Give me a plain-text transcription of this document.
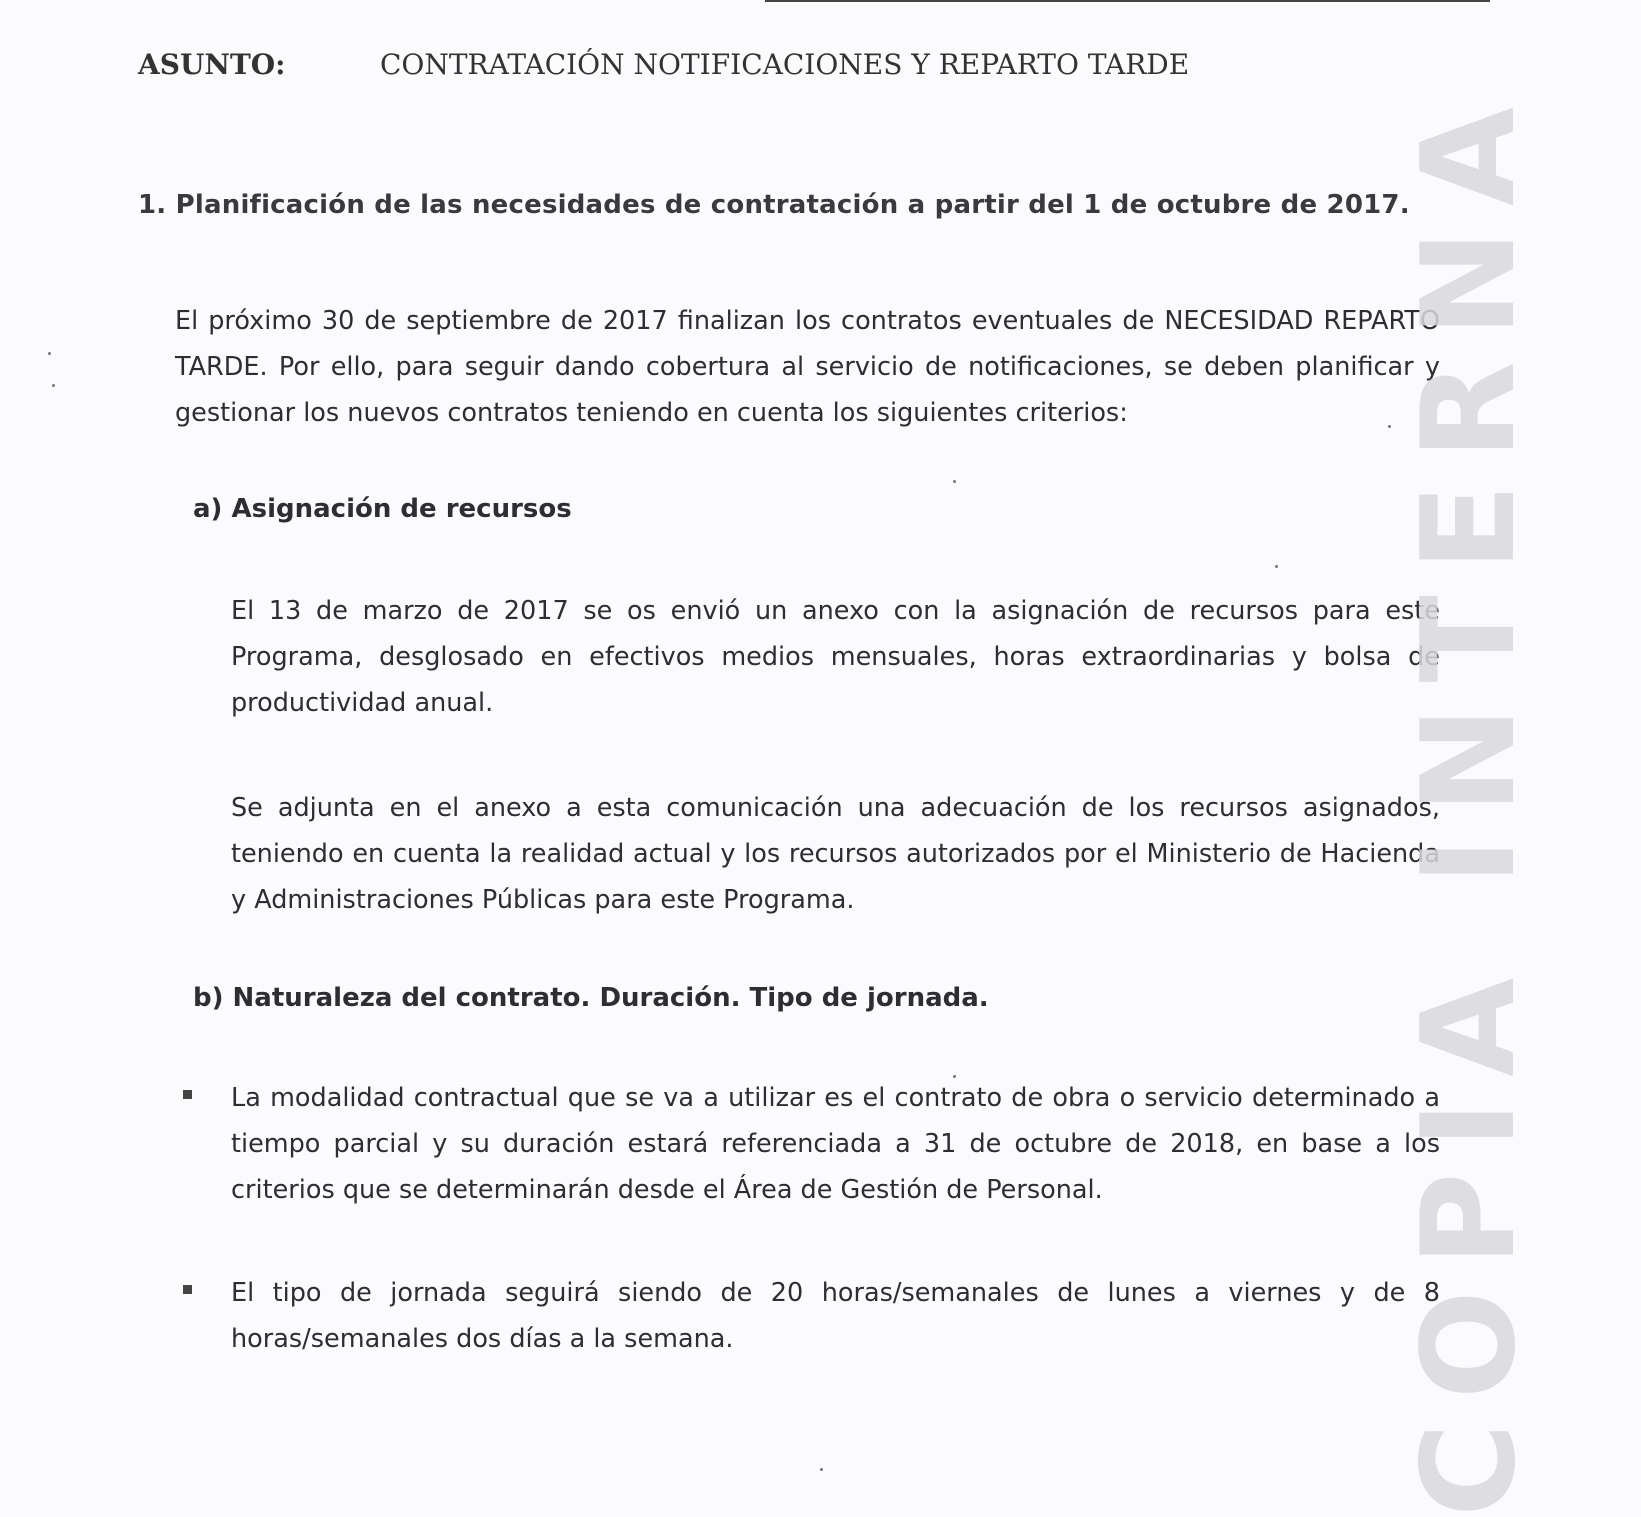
ASUNTO:	CONTRATACIÓN NOTIFICACIONES Y REPARTO TARDE
1. Planificación de las necesidades de contratación a partir del 1 de octubre de 2017.
El próximo 30 de septiembre de 2017 finalizan los contratos eventuales de NECESIDAD REPARTO TARDE. Por ello, para seguir dando cobertura al servicio de notificaciones, se deben planificar y gestionar los nuevos contratos teniendo en cuenta los siguientes criterios:
a) Asignación de recursos
El 13 de marzo de 2017 se os envió un anexo con la asignación de recursos para este Programa, desglosado en efectivos medios mensuales, horas extraordinarias y bolsa de productividad anual.
Se adjunta en el anexo a esta comunicación una adecuación de los recursos asignados, teniendo en cuenta la realidad actual y los recursos autorizados por el Ministerio de Hacienda y Administraciones Públicas para este Programa.
b) Naturaleza del contrato. Duración. Tipo de jornada.
La modalidad contractual que se va a utilizar es el contrato de obra o servicio determinado a tiempo parcial y su duración estará referenciada a 31 de octubre de 2018, en base a los criterios que se determinarán desde el Área de Gestión de Personal.
El tipo de jornada seguirá siendo de 20 horas/semanales de lunes a viernes y de 8 horas/semanales dos días a la semana.	COPIA INTERNA
